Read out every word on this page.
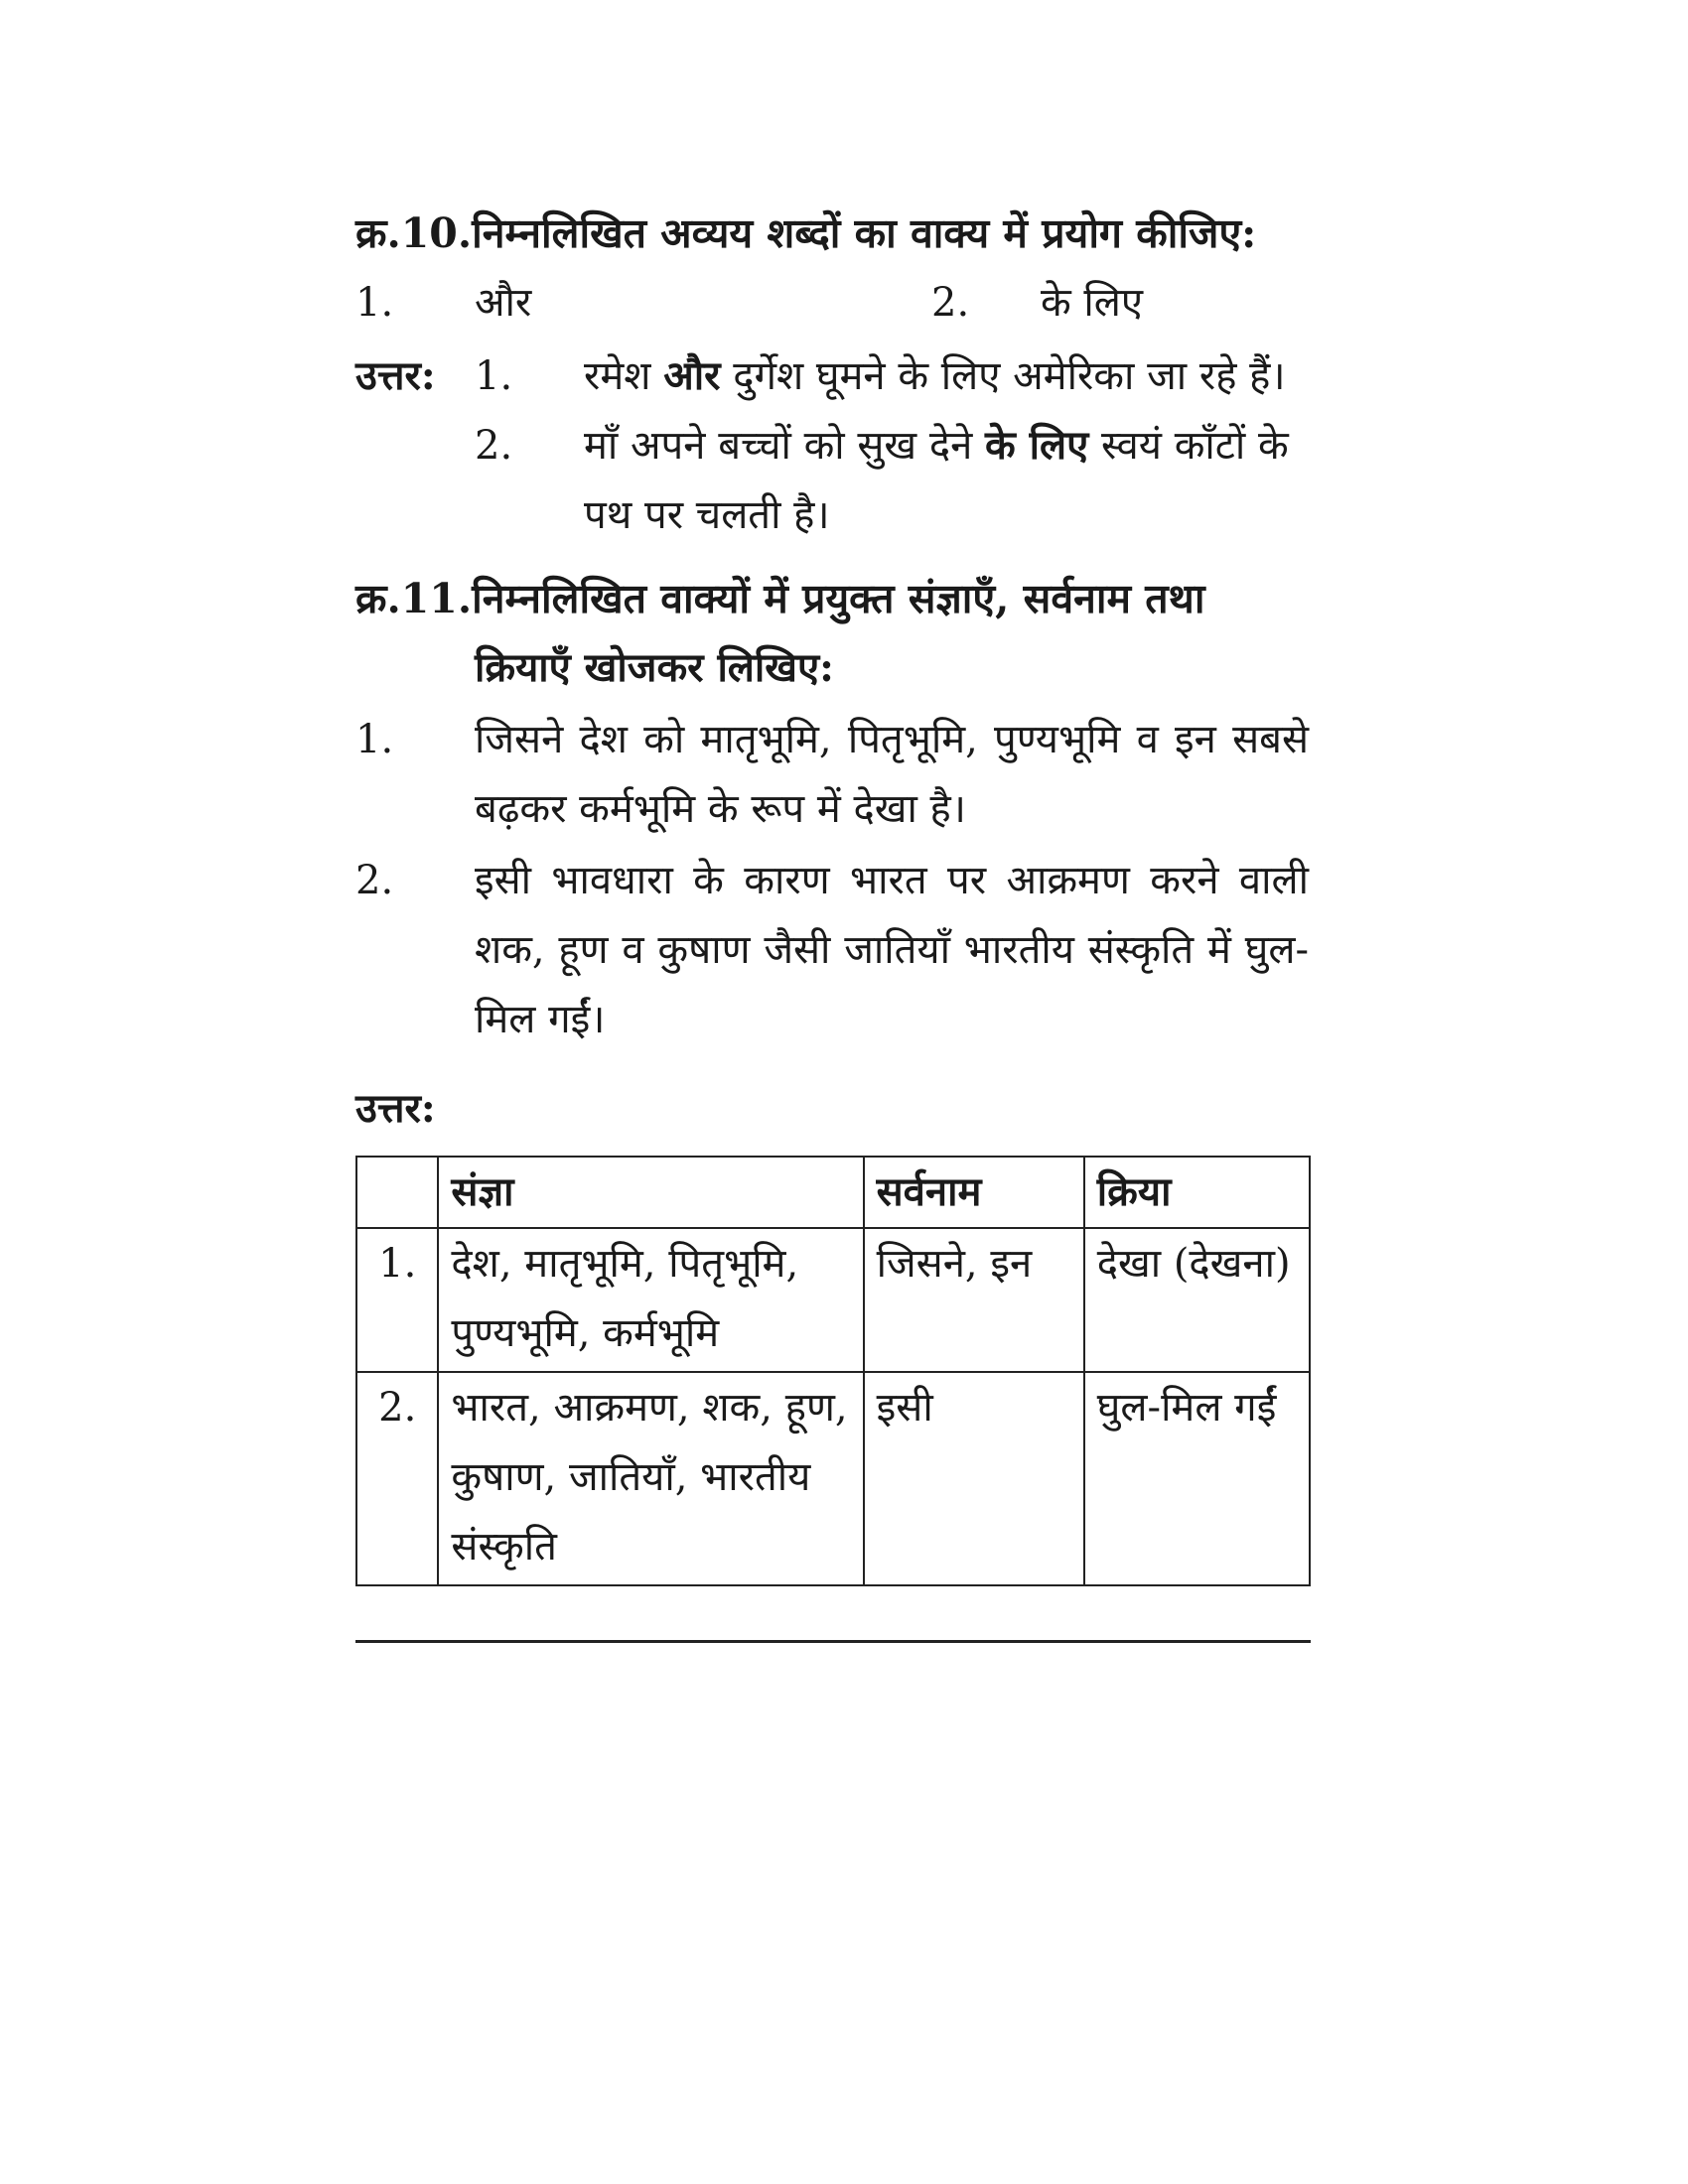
क्र.10.निम्नलिखित अव्यय शब्दों का वाक्य में प्रयोग कीजिए:
1.	और	2.	के लिए
उत्तर: 1.	रमेश और दुर्गेश घूमने के लिए अमेरिका जा रहे हैं।
2.	माँ अपने बच्चों को सुख देने के लिए स्वयं काँटों के पथ पर चलती है।
क्र.11.निम्नलिखित वाक्यों में प्रयुक्त संज्ञाएँ, सर्वनाम तथा
क्रियाएँ खोजकर लिखिए:
1.	जिसने देश को मातृभूमि, पितृभूमि, पुण्यभूमि व इन सबसे बढ़कर कर्मभूमि के रूप में देखा है।
2.	इसी भावधारा के कारण भारत पर आक्रमण करने वाली शक, हूण व कुषाण जैसी जातियाँ भारतीय संस्कृति में घुल-मिल गईं।
उत्तर:
	संज्ञा	सर्वनाम	क्रिया
1.	देश, मातृभूमि, पितृभूमि, पुण्यभूमि, कर्मभूमि	जिसने, इन	देखा (देखना)
2.	भारत, आक्रमण, शक, हूण, कुषाण, जातियाँ, भारतीय संस्कृति	इसी	घुल-मिल गईं
